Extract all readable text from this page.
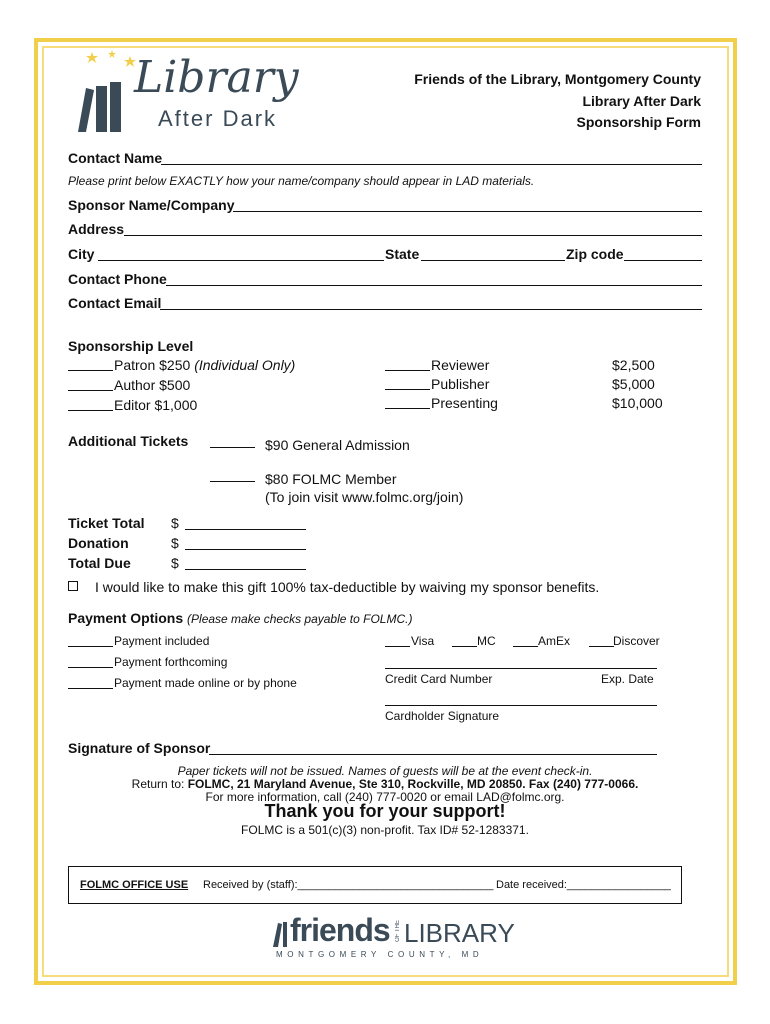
Library
After Dark
Friends of the Library, Montgomery County
Library After Dark
Sponsorship Form
Contact Name
Please print below EXACTLY how your name/company should appear in LAD materials.
Sponsor Name/Company
Address
City	State	Zip code
Contact Phone
Contact Email
Sponsorship Level
Patron $250 (Individual Only)
Author $500
Editor $1,000
Reviewer	$2,500
Publisher	$5,000
Presenting	$10,000
Additional Tickets	$90 General Admission
$80 FOLMC Member
(To join visit www.folmc.org/join)
Ticket Total $
Donation	$
Total Due	$
I would like to make this gift 100% tax-deductible by waiving my sponsor benefits.
Payment Options (Please make checks payable to FOLMC.)
Payment included
Payment forthcoming
Payment made online or by phone
Visa	MC	AmEx	Discover
Credit Card Number	Exp. Date
Cardholder Signature
Signature of Sponsor
Paper tickets will not be issued. Names of guests will be at the event check-in.
Return to: FOLMC, 21 Maryland Avenue, Ste 310, Rockville, MD 20850. Fax (240) 777-0066.
For more information, call (240) 777-0020 or email LAD@folmc.org.
Thank you for your support!
FOLMC is a 501(c)(3) non-profit. Tax ID# 52-1283371.
FOLMC OFFICE USE Received by (staff):________________________________ Date received:_________________
friends OF THE LIBRARY
MONTGOMERY COUNTY, MD
